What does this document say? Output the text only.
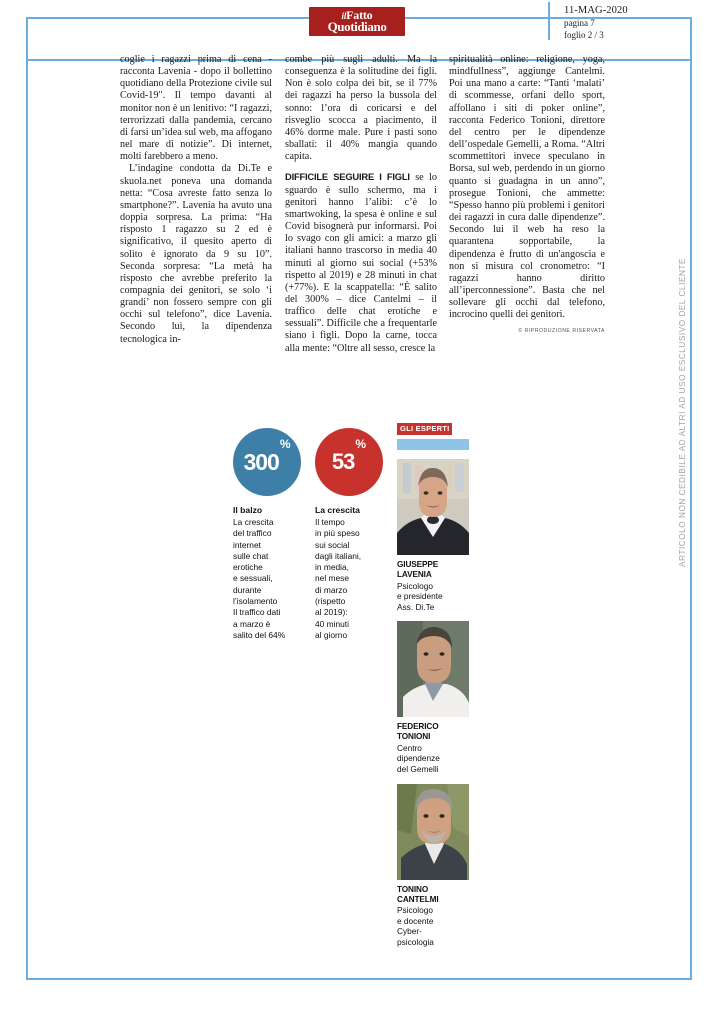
ilFatto
Quotidiano
11-MAG-2020
pagina 7
foglio 2 / 3
ARTICOLO NON CEDIBILE AD ALTRI AD USO ESCLUSIVO DEL CLIENTE

coglie i ragazzi prima di cena - racconta Lavenia - dopo il bollettino quotidiano della Protezione civile sul Covid-19". Il tempo davanti al monitor non è un lenitivo: “I ragazzi, terrorizzati dalla pandemia, cercano di farsi un’idea sul web, ma affogano nel mare di notizie”. Di internet, molti farebbero a meno.

L’indagine condotta da Di.Te e skuola.net poneva una domanda netta: “Cosa avreste fatto senza lo smartphone?”. Lavenia ha avuto una doppia sorpresa. La prima: “Ha risposto 1 ragazzo su 2 ed è significativo, il quesito aperto di solito è ignorato da 9 su 10”. Seconda sorpresa: “La metà ha risposto che avrebbe preferito la compagnia dei genitori, se solo ‘i grandi’ non fossero sempre con gli occhi sul telefono”, dice Lavenia. Secondo lui, la dipendenza tecnologica in-

combe più sugli adulti. Ma la conseguenza è la solitudine dei figli. Non è solo colpa dei bit, se il 77% dei ragazzi ha perso la bussola del sonno: l’ora di coricarsi e del risveglio scocca a piacimento, il 46% dorme male. Pure i pasti sono sballati: il 40% mangia quando capita.

DIFFICILE SEGUIRE I FIGLI se lo sguardo è sullo schermo, ma i genitori hanno l’alibi: c’è lo smartwoking, la spesa è online e sul Covid bisognerà pur informarsi. Poi lo svago con gli amici: a marzo gli italiani hanno trascorso in media 40 minuti al giorno sui social (+53% rispetto al 2019) e 28 minuti in chat (+77%). E la scappatella: “È salito del 300% – dice Cantelmi – il traffico delle chat erotiche e sessuali”. Difficile che a frequentarle siano i figli. Dopo la carne, tocca alla mente: “Oltre all sesso, cresce la

spiritualità online: religione, yoga, mindfullness”, aggiunge Cantelmi. Poi una mano a carte: “Tanti ‘malati’ di scommesse, orfani dello sport, affollano i siti di poker online”, racconta Federico Tonioni, direttore del centro per le dipendenze dell’ospedale Gemelli, a Roma. “Altri scommettitori invece speculano in Borsa, sul web, perdendo in un giorno quanto si guadagna in un anno”, prosegue Tonioni, che ammette: “Spesso hanno più problemi i genitori dei ragazzi in cura dalle dipendenze”. Secondo lui il web ha reso la quarantena sopportabile, la dipendenza è frutto di un'angoscia e non si misura col cronometro: “I ragazzi hanno diritto all’iperconnessione”. Basta che nel sollevare gli occhi dal telefono, incrocino quelli dei genitori.

© RIPRODUZIONE RISERVATA
300
%
Il balzo
La crescita
del traffico
internet
sulle chat
erotiche
e sessuali,
durante
l’isolamento
Il traffico dati
a marzo è
salito del 64%
53
%
La crescita
Il tempo
in più speso
sui social
dagli italiani,
in media,
nel mese
di marzo
(rispetto
al 2019):
40 minuti
al giorno
GLI ESPERTI
GIUSEPPE
LAVENIA
Psicologo
e presidente
Ass. Di.Te
FEDERICO
TONIONI
Centro
dipendenze
del Gemelli
TONINO
CANTELMI
Psicologo
e docente
Cyber-
psicologia
